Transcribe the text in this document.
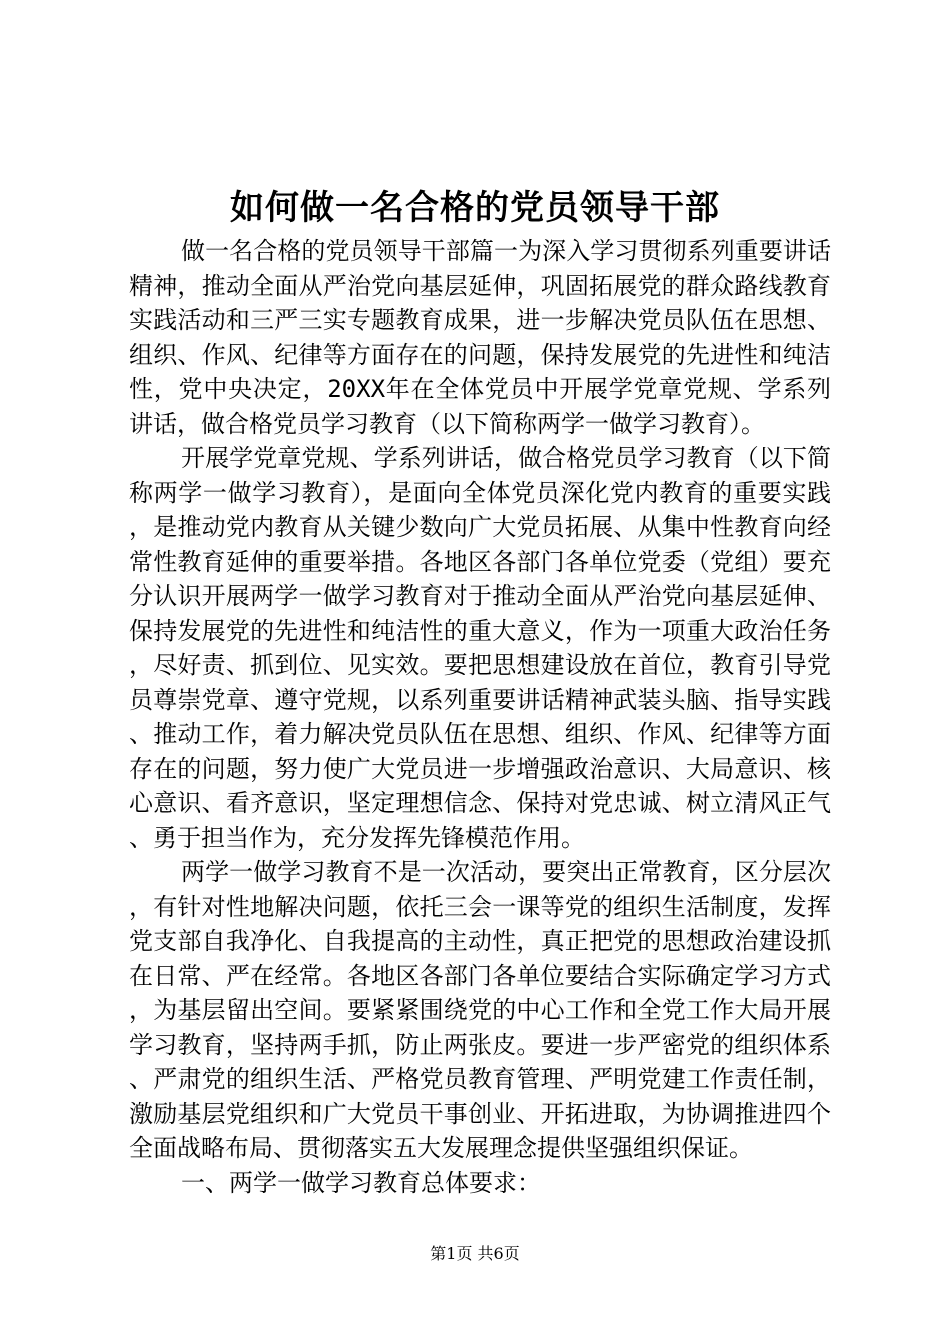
如何做一名合格的党员领导干部

做一名合格的党员领导干部篇一为深入学习贯彻系列重要讲话精神，推动全面从严治党向基层延伸，巩固拓展党的群众路线教育实践活动和三严三实专题教育成果，进一步解决党员队伍在思想、组织、作风、纪律等方面存在的问题，保持发展党的先进性和纯洁性，党中央决定，20XX年在全体党员中开展学党章党规、学系列讲话，做合格党员学习教育（以下简称两学一做学习教育）。

开展学党章党规、学系列讲话，做合格党员学习教育（以下简称两学一做学习教育），是面向全体党员深化党内教育的重要实践，是推动党内教育从关键少数向广大党员拓展、从集中性教育向经常性教育延伸的重要举措。各地区各部门各单位党委（党组）要充分认识开展两学一做学习教育对于推动全面从严治党向基层延伸、保持发展党的先进性和纯洁性的重大意义，作为一项重大政治任务，尽好责、抓到位、见实效。要把思想建设放在首位，教育引导党员尊崇党章、遵守党规，以系列重要讲话精神武装头脑、指导实践、推动工作，着力解决党员队伍在思想、组织、作风、纪律等方面存在的问题，努力使广大党员进一步增强政治意识、大局意识、核心意识、看齐意识，坚定理想信念、保持对党忠诚、树立清风正气、勇于担当作为，充分发挥先锋模范作用。

两学一做学习教育不是一次活动，要突出正常教育，区分层次，有针对性地解决问题，依托三会一课等党的组织生活制度，发挥党支部自我净化、自我提高的主动性，真正把党的思想政治建设抓在日常、严在经常。各地区各部门各单位要结合实际确定学习方式，为基层留出空间。要紧紧围绕党的中心工作和全党工作大局开展学习教育，坚持两手抓，防止两张皮。要进一步严密党的组织体系、严肃党的组织生活、严格党员教育管理、严明党建工作责任制，激励基层党组织和广大党员干事创业、开拓进取，为协调推进四个全面战略布局、贯彻落实五大发展理念提供坚强组织保证。

一、两学一做学习教育总体要求：

第1页 共6页
